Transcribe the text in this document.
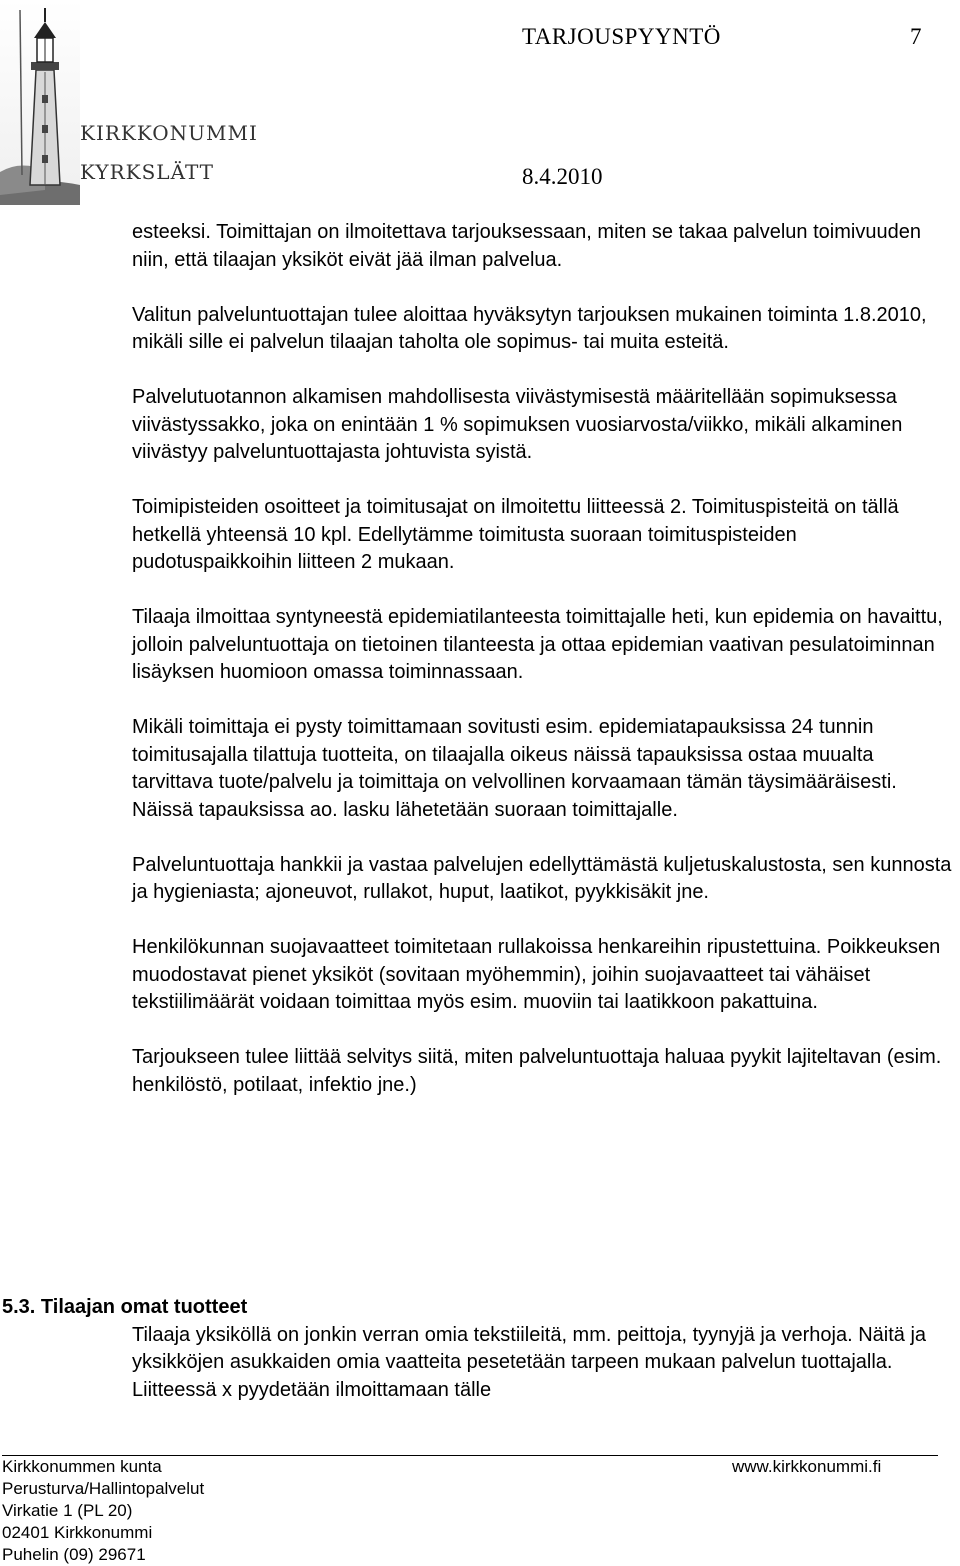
KIRKKONUMMI
KYRKSLÄTT
TARJOUSPYYNTÖ	7
8.4.2010

esteeksi. Toimittajan on ilmoitettava tarjouksessaan, miten se takaa palvelun toimivuuden niin, että tilaajan yksiköt eivät jää ilman palvelua.

Valitun palveluntuottajan tulee aloittaa hyväksytyn tarjouksen mukainen toiminta 1.8.2010, mikäli sille ei palvelun tilaajan taholta ole sopimus- tai muita esteitä.

Palvelutuotannon alkamisen mahdollisesta viivästymisestä määritellään sopimuksessa viivästyssakko, joka on enintään 1 % sopimuksen vuosiarvosta/viikko, mikäli alkaminen viivästyy palveluntuottajasta johtuvista syistä.

Toimipisteiden osoitteet ja toimitusajat on ilmoitettu liitteessä 2. Toimituspisteitä on tällä hetkellä yhteensä 10 kpl. Edellytämme toimitusta suoraan toimituspisteiden pudotuspaikkoihin liitteen 2 mukaan.

Tilaaja ilmoittaa syntyneestä epidemiatilanteesta toimittajalle heti, kun epidemia on havaittu, jolloin palveluntuottaja on tietoinen tilanteesta ja ottaa epidemian vaativan pesulatoiminnan lisäyksen huomioon omassa toiminnassaan.

Mikäli toimittaja ei pysty toimittamaan sovitusti esim. epidemiatapauksissa 24 tunnin toimitusajalla tilattuja tuotteita, on tilaajalla oikeus näissä tapauksissa ostaa muualta tarvittava tuote/palvelu ja toimittaja on velvollinen korvaamaan tämän täysimääräisesti. Näissä tapauksissa ao. lasku lähetetään suoraan toimittajalle.

Palveluntuottaja hankkii ja vastaa palvelujen edellyttämästä kuljetuskalustosta, sen kunnosta ja hygieniasta; ajoneuvot, rullakot, huput, laatikot, pyykkisäkit jne.

Henkilökunnan suojavaatteet toimitetaan rullakoissa henkareihin ripustettuina. Poikkeuksen muodostavat pienet yksiköt (sovitaan myöhemmin), joihin suojavaatteet tai vähäiset tekstiilimäärät voidaan toimittaa myös esim. muoviin tai laatikkoon pakattuina.

Tarjoukseen tulee liittää selvitys siitä, miten palveluntuottaja haluaa pyykit lajiteltavan (esim. henkilöstö, potilaat, infektio jne.)

5.3. Tilaajan omat tuotteet
Tilaaja yksiköllä on jonkin verran omia tekstiileitä, mm. peittoja, tyynyjä ja verhoja. Näitä ja yksikköjen asukkaiden omia vaatteita pesetetään tarpeen mukaan palvelun tuottajalla. Liitteessä x pyydetään ilmoittamaan tälle
Kirkkonummen kunta
Perusturva/Hallintopalvelut
Virkatie 1 (PL 20)
02401 Kirkkonummi
Puhelin (09) 29671
www.kirkkonummi.fi
